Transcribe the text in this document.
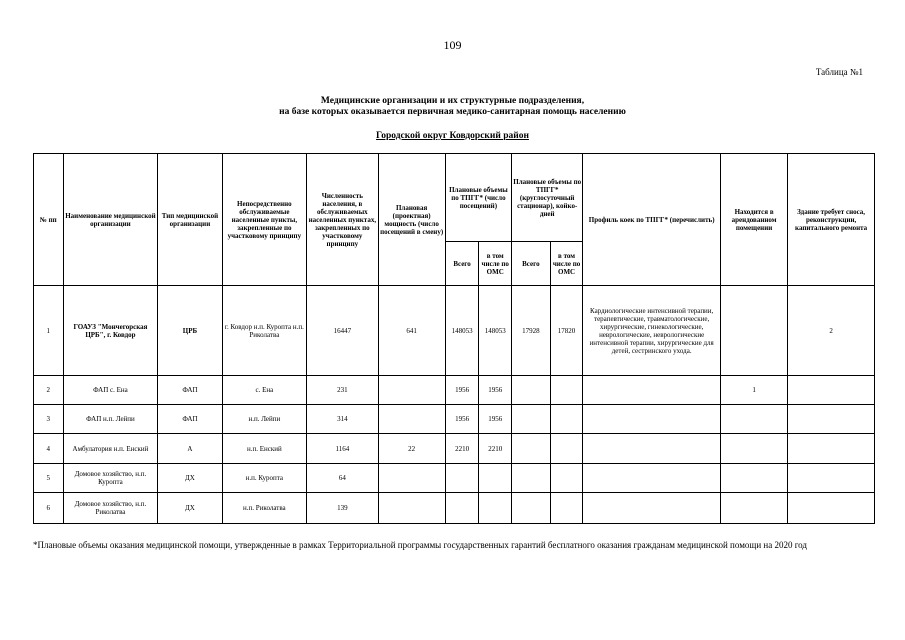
109
Таблица №1
Медицинские организации и их структурные подразделения,
на базе которых оказывается первичная медико-санитарная помощь населению
Городской округ Ковдорский район
№ пп	Наименование медицинской организации	Тип медицинской организации	Непосредственно обслуживаемые населенные пункты, закрепленные по участковому принципу	Численность населения, в обслуживаемых населенных пунктах, закрепленных по участковому принципу	Плановая (проектная) мощность (число посещений в смену)	Плановые объемы по ТПГГ* (число посещений)		Плановые объемы по ТПГГ* (круглосуточный стационар), койко-дней		Профиль коек по ТПГГ* (перечислить)	Находится в арендованном помещении	Здание требует сноса, реконструкции, капитального ремонта
						Всего	в том числе по ОМС	Всего	в том числе по ОМС			
1	ГОАУЗ "Мончегорская ЦРБ", г. Ковдор	ЦРБ	г. Ковдор н.п. Куропта н.п. Риколатва	16447	641	148053	148053	17928	17820	Кардиологические интенсивной терапии, терапевтические, травматологические, хирургические, гинекологические, неврологические, неврологические интенсивной терапии, хирургические для детей, сестринского ухода.		2
2	ФАП с. Ена	ФАП	с. Ена	231		1956	1956				1	
3	ФАП н.п. Лейпи	ФАП	н.п. Лейпи	314		1956	1956					
4	Амбулатория н.п. Енский	А	н.п. Енский	1164	22	2210	2210					
5	Домовое хозяйство, н.п. Куропта	ДХ	н.п. Куропта	64								
6	Домовое хозяйство, н.п. Риколатва	ДХ	н.п. Риколатва	139								
*Плановые объемы оказания медицинской помощи, утвержденные в рамках Территориальной программы государственных гарантий бесплатного оказания гражданам медицинской помощи на 2020 год
